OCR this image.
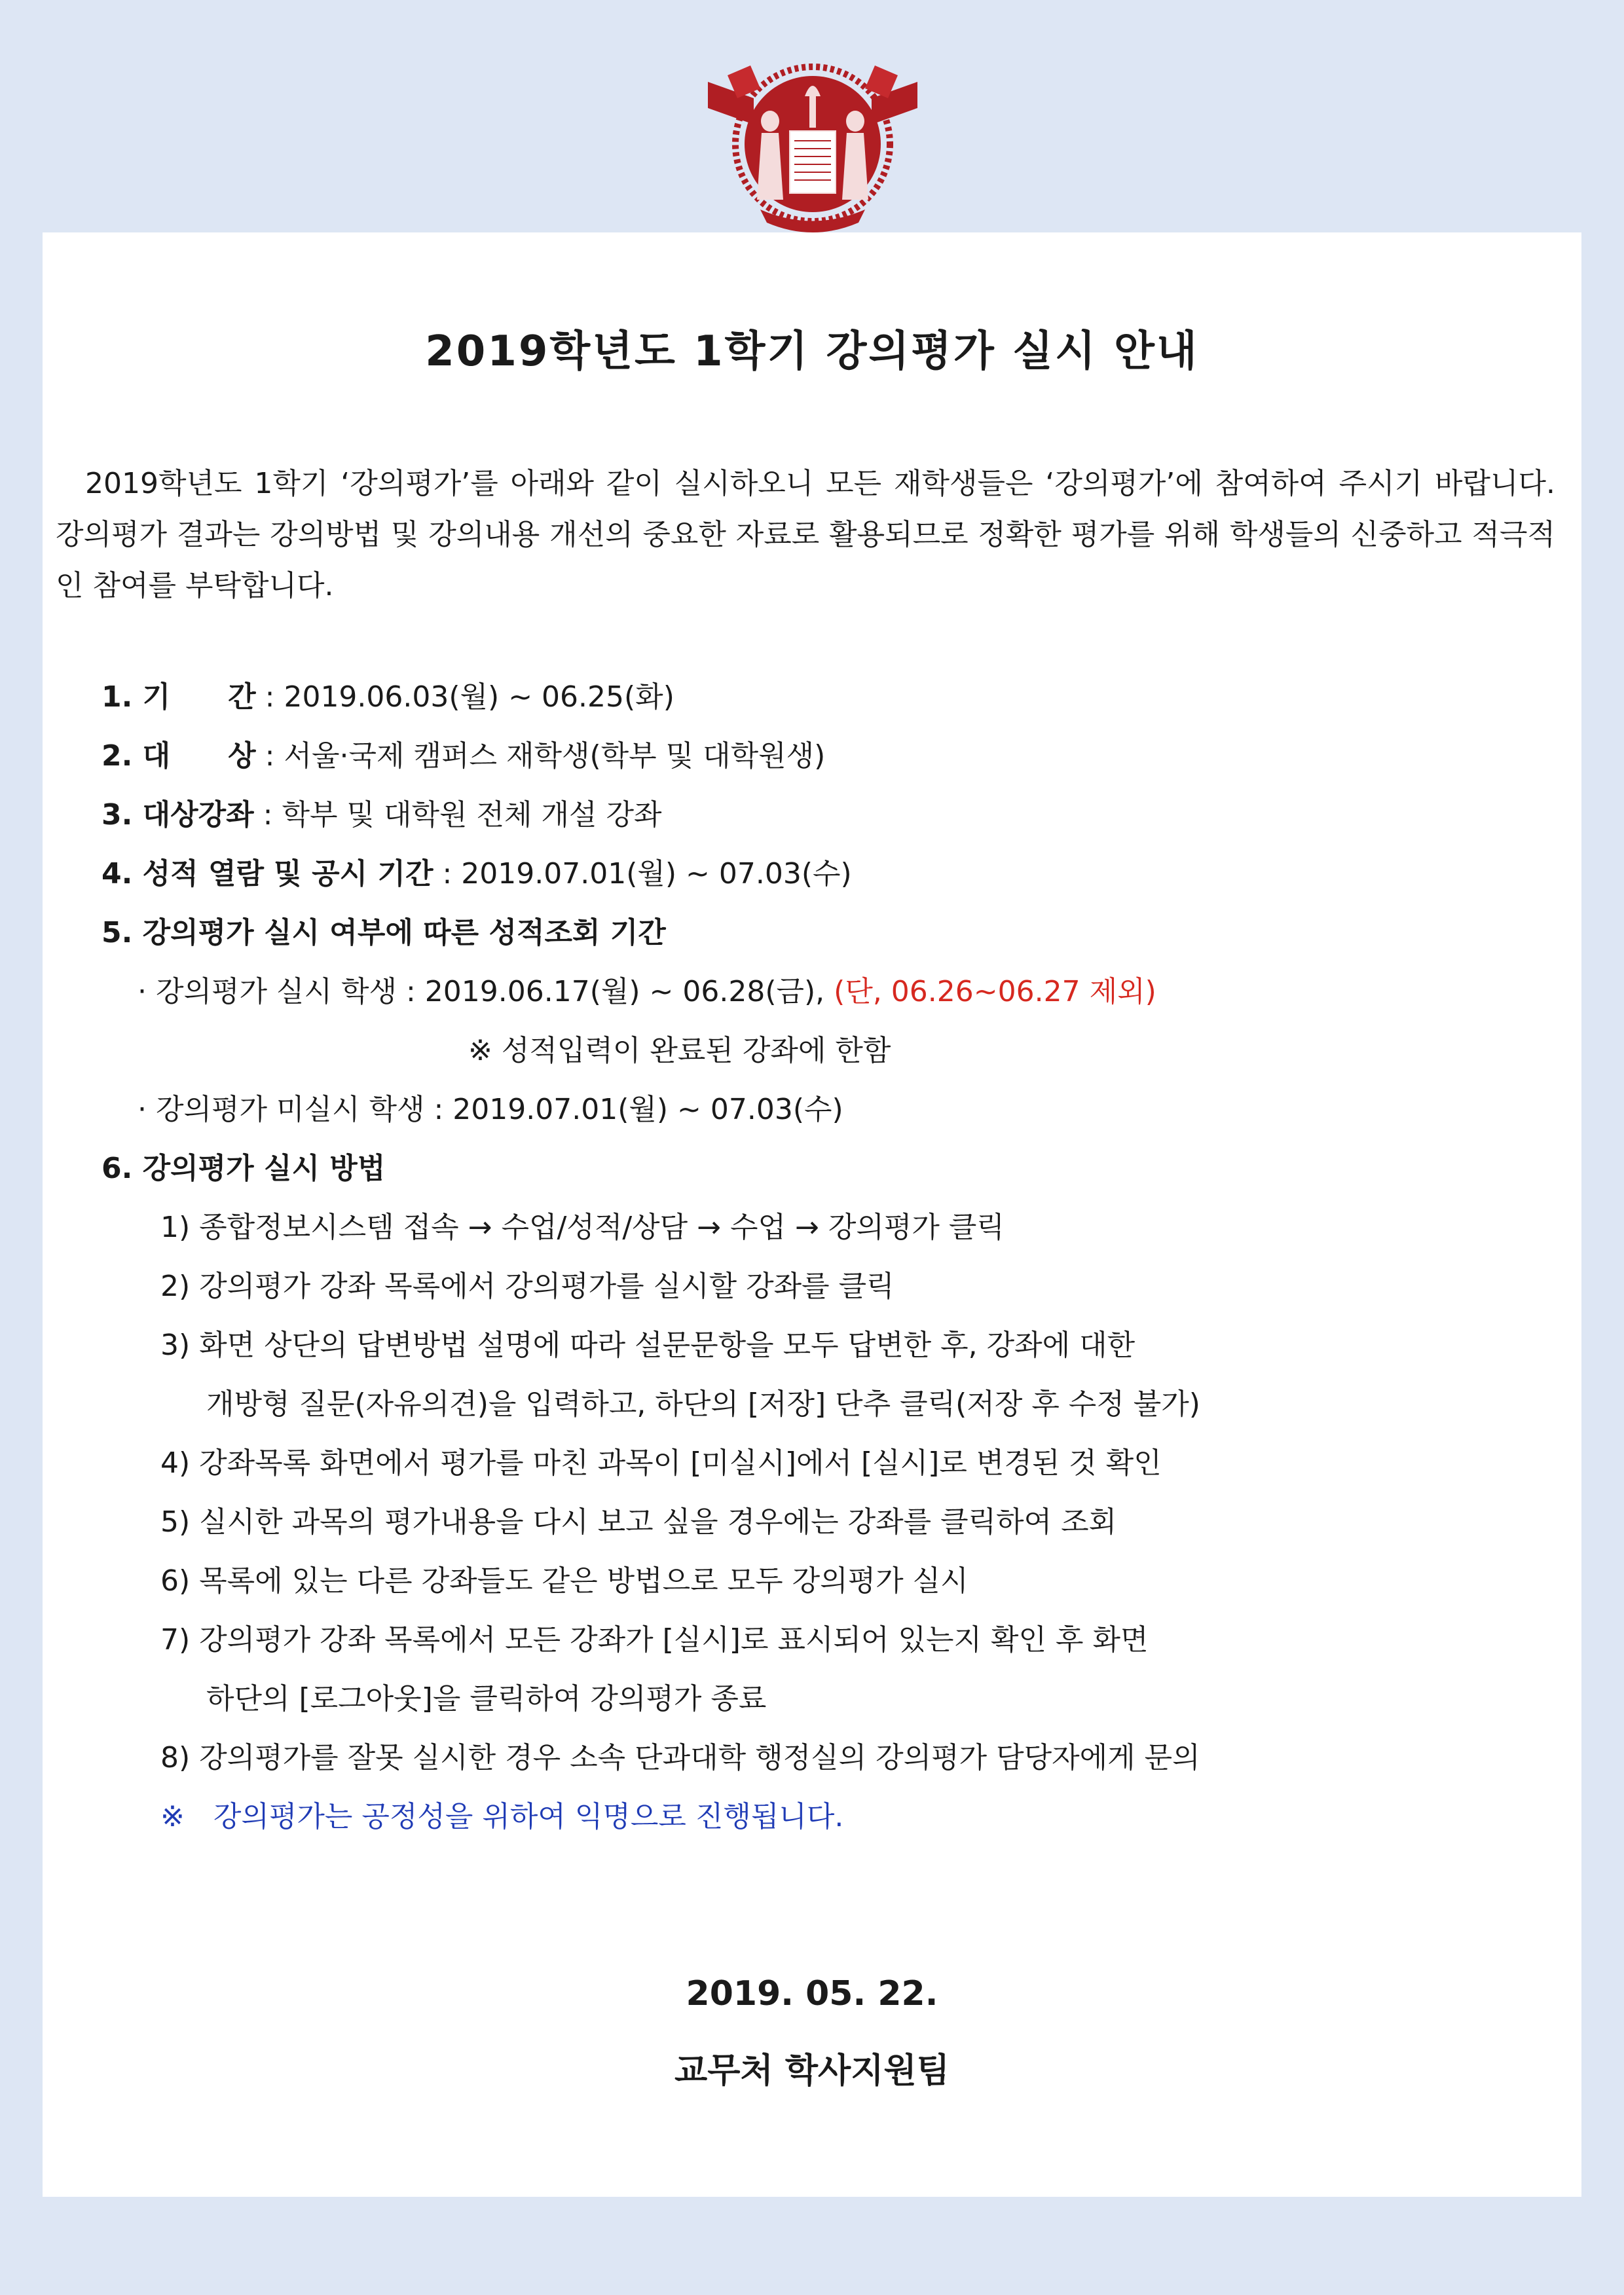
2019학년도 1학기 강의평가 실시 안내

2019학년도 1학기 ‘강의평가’를 아래와 같이 실시하오니 모든 재학생들은 ‘강의평가’에 참여하여 주시기 바랍니다. 강의평가 결과는 강의방법 및 강의내용 개선의 중요한 자료로 활용되므로 정확한 평가를 위해 학생들의 신중하고 적극적인 참여를 부탁합니다.

1. 기　　간 : 2019.06.03(월) ~ 06.25(화)
2. 대　　상 : 서울·국제 캠퍼스 재학생(학부 및 대학원생)
3. 대상강좌 : 학부 및 대학원 전체 개설 강좌
4. 성적 열람 및 공시 기간 : 2019.07.01(월) ~ 07.03(수)
5. 강의평가 실시 여부에 따른 성적조회 기간
· 강의평가 실시 학생 : 2019.06.17(월) ~ 06.28(금), (단, 06.26~06.27 제외)
※ 성적입력이 완료된 강좌에 한함
· 강의평가 미실시 학생 : 2019.07.01(월) ~ 07.03(수)
6. 강의평가 실시 방법
1) 종합정보시스템 접속 → 수업/성적/상담 → 수업 → 강의평가 클릭
2) 강의평가 강좌 목록에서 강의평가를 실시할 강좌를 클릭
3) 화면 상단의 답변방법 설명에 따라 설문문항을 모두 답변한 후, 강좌에 대한
개방형 질문(자유의견)을 입력하고, 하단의 [저장] 단추 클릭(저장 후 수정 불가)
4) 강좌목록 화면에서 평가를 마친 과목이 [미실시]에서 [실시]로 변경된 것 확인
5) 실시한 과목의 평가내용을 다시 보고 싶을 경우에는 강좌를 클릭하여 조회
6) 목록에 있는 다른 강좌들도 같은 방법으로 모두 강의평가 실시
7) 강의평가 강좌 목록에서 모든 강좌가 [실시]로 표시되어 있는지 확인 후 화면
하단의 [로그아웃]을 클릭하여 강의평가 종료
8) 강의평가를 잘못 실시한 경우 소속 단과대학 행정실의 강의평가 담당자에게 문의
※　강의평가는 공정성을 위하여 익명으로 진행됩니다.
2019. 05. 22.
교무처 학사지원팀
